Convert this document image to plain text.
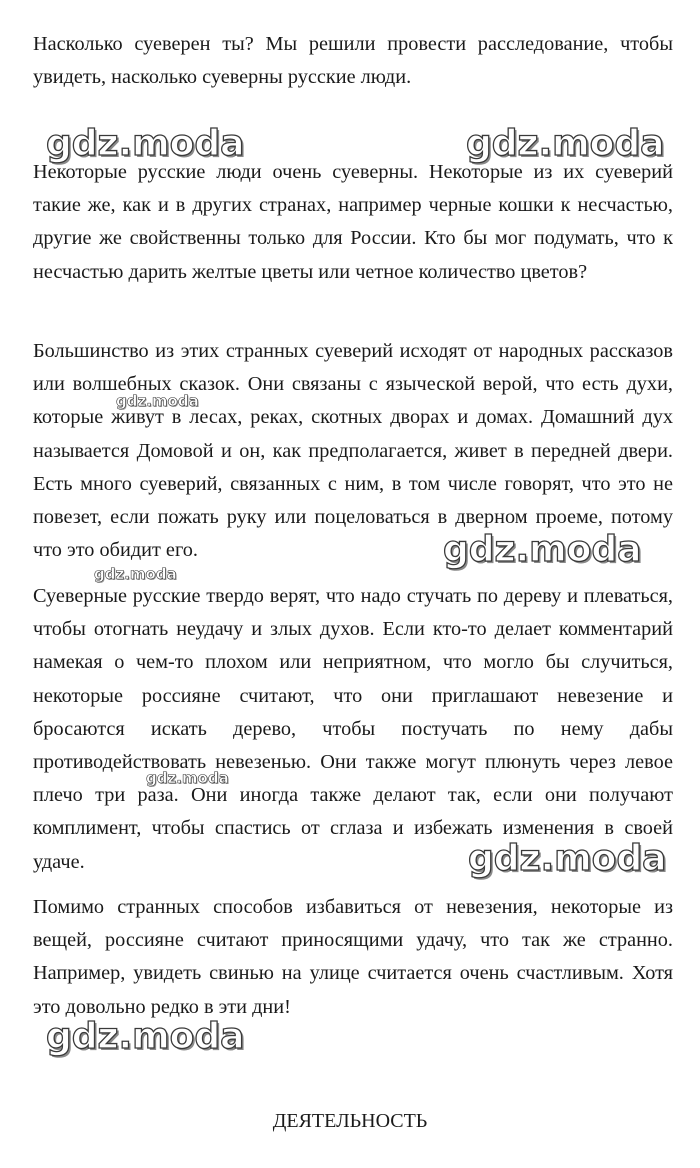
Насколько суеверен ты? Мы решили провести расследование, чтобы увидеть, насколько суеверны русские люди.

Некоторые русские люди очень суеверны. Некоторые из их суеверий такие же, как и в других странах, например черные кошки к несчастью, другие же свойственны только для России. Кто бы мог подумать, что к несчастью дарить желтые цветы или четное количество цветов?

Большинство из этих странных суеверий исходят от народных рассказов или волшебных сказок. Они связаны с языческой верой, что есть духи, которые живут в лесах, реках, скотных дворах и домах. Домашний дух называется Домовой и он, как предполагается, живет в передней двери. Есть много суеверий, связанных с ним, в том числе говорят, что это не повезет, если пожать руку или поцеловаться в дверном проеме, потому что это обидит его.

Суеверные русские твердо верят, что надо стучать по дереву и плеваться, чтобы отогнать неудачу и злых духов. Если кто-то делает комментарий намекая о чем-то плохом или неприятном, что могло бы случиться, некоторые россияне считают, что они приглашают невезение и бросаются искать дерево, чтобы постучать по нему дабы противодействовать невезенью. Они также могут плюнуть через левое плечо три раза. Они иногда также делают так, если они получают комплимент, чтобы спастись от сглаза и избежать изменения в своей удаче.

Помимо странных способов избавиться от невезения, некоторые из вещей, россияне считают приносящими удачу, что так же странно. Например, увидеть свинью на улице считается очень счастливым. Хотя это довольно редко в эти дни!

ДЕЯТЕЛЬНОСТЬ

gdz.moda	gdz.moda
gdz.moda
gdz.moda
gdz.moda
gdz.moda
gdz.moda
gdz.moda
